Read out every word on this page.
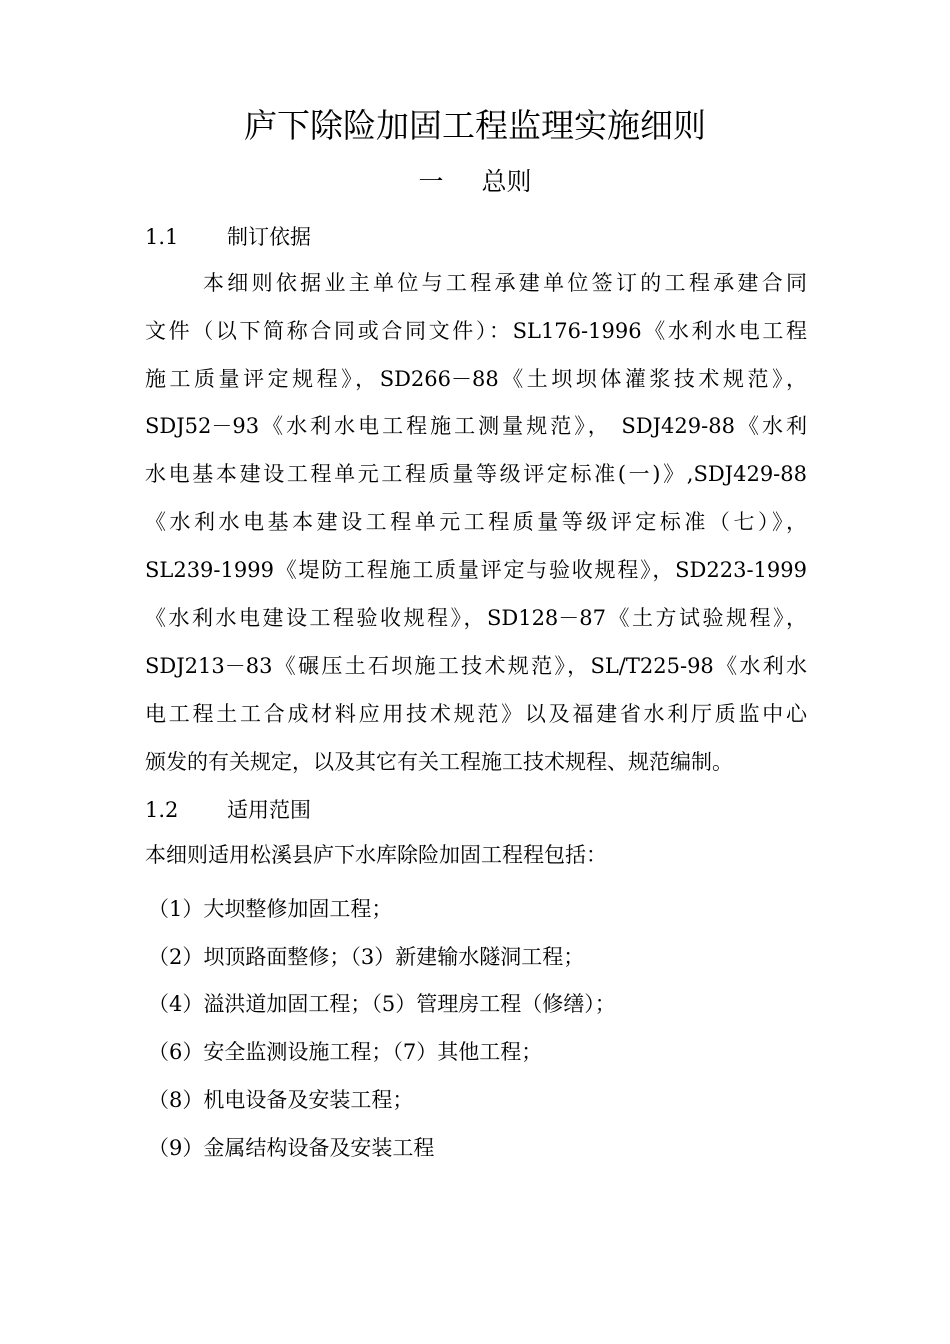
庐下除险加固工程监理实施细则
一 总则
1.1 制订依据
本细则依据业主单位与工程承建单位签订的工程承建合同
文件（以下简称合同或合同文件）：SL176-1996《水利水电工程
施工质量评定规程》，SD266－88《土坝坝体灌浆技术规范》，
SDJ52－93《水利水电工程施工测量规范》， SDJ429-88《水利
水电基本建设工程单元工程质量等级评定标准(一)》,SDJ429-88
《水利水电基本建设工程单元工程质量等级评定标准（七）》，
SL239-1999《堤防工程施工质量评定与验收规程》，SD223-1999
《水利水电建设工程验收规程》，SD128－87《土方试验规程》，
SDJ213－83《碾压土石坝施工技术规范》，SL/T225-98《水利水
电工程土工合成材料应用技术规范》以及福建省水利厅质监中心
颁发的有关规定，以及其它有关工程施工技术规程、规范编制。
1.2 适用范围
本细则适用松溪县庐下水库除险加固工程程包括：
（1）大坝整修加固工程；
（2）坝顶路面整修；（3）新建输水隧洞工程；
（4）溢洪道加固工程；（5）管理房工程（修缮）；
（6）安全监测设施工程；（7）其他工程；
（8）机电设备及安装工程；
（9）金属结构设备及安装工程
